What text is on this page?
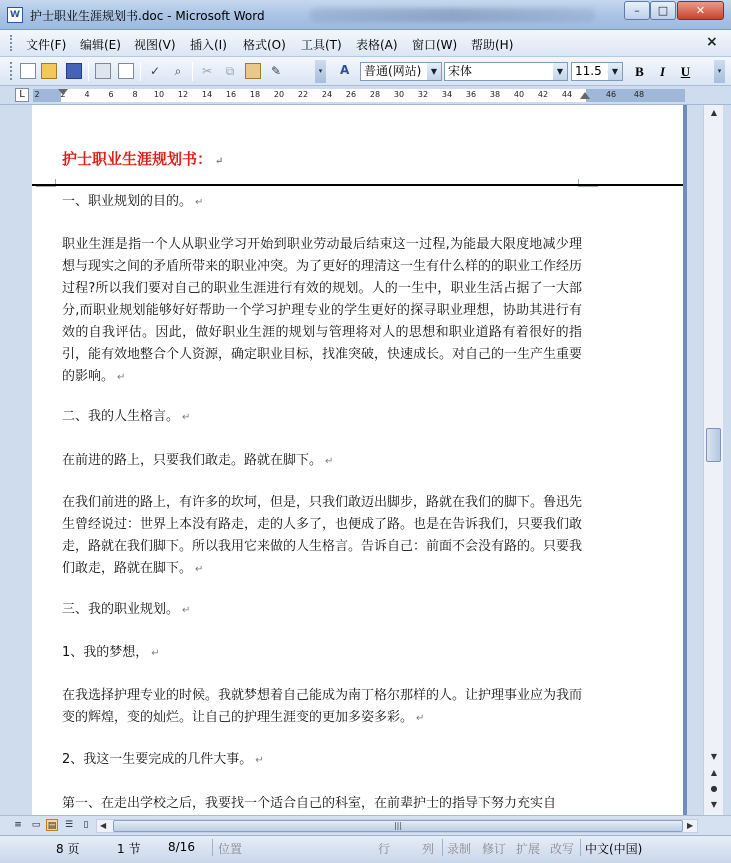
W 护士职业生涯规划书.doc - Microsoft Word	–	□	✕
文件(F) 编辑(E) 视图(V) 插入(I) 格式(O) 工具(T) 表格(A) 窗口(W) 帮助(H)	×
✓	⌕	✂	⧉	✎	▾	A	普通(网站)	▼ 宋体	▼ 11.5	▼	B	I	U	▾
L	2	2 4 6 8 10 12 14 16 18 20 22 24 26 28 30 32 34 36 38 40 42 44	46 48
护士职业生涯规划书： ↵
一、职业规划的目的。 ↵
职业生涯是指一个人从职业学习开始到职业劳动最后结束这一过程,为能最大限度地减少理想与现实之间的矛盾所带来的职业冲突。为了更好的理清这一生有什么样的的职业工作经历过程?所以我们要对自己的职业生涯进行有效的规划。人的一生中，职业生活占据了一大部分,而职业规划能够好好帮助一个学习护理专业的学生更好的探寻职业理想，协助其进行有效的自我评估。因此，做好职业生涯的规划与管理将对人的思想和职业道路有着很好的指引，能有效地整合个人资源，确定职业目标，找准突破，快速成长。对自己的一生产生重要的影响。 ↵
二、我的人生格言。 ↵
在前进的路上，只要我们敢走。路就在脚下。 ↵
在我们前进的路上，有许多的坎坷，但是，只我们敢迈出脚步，路就在我们的脚下。鲁迅先生曾经说过：世界上本没有路走，走的人多了，也便成了路。也是在告诉我们，只要我们敢走，路就在我们脚下。所以我用它来做的人生格言。告诉自己：前面不会没有路的。只要我们敢走，路就在脚下。 ↵
三、我的职业规划。 ↵
1、我的梦想， ↵
在我选择护理专业的时候。我就梦想着自己能成为南丁格尔那样的人。让护理事业应为我而变的辉煌，变的灿烂。让自己的护理生涯变的更加多姿多彩。 ↵
2、我这一生要完成的几件大事。 ↵
第一、在走出学校之后，我要找一个适合自己的科室，在前辈护士的指导下努力充实自
▲
▼
▲
●
▼
≡ ▭ ▤ ☰	▯	◀	|||	▶
8 页	1 节 8/16 位置	行	列 录制 修订 扩展 改写 中文(中国)
